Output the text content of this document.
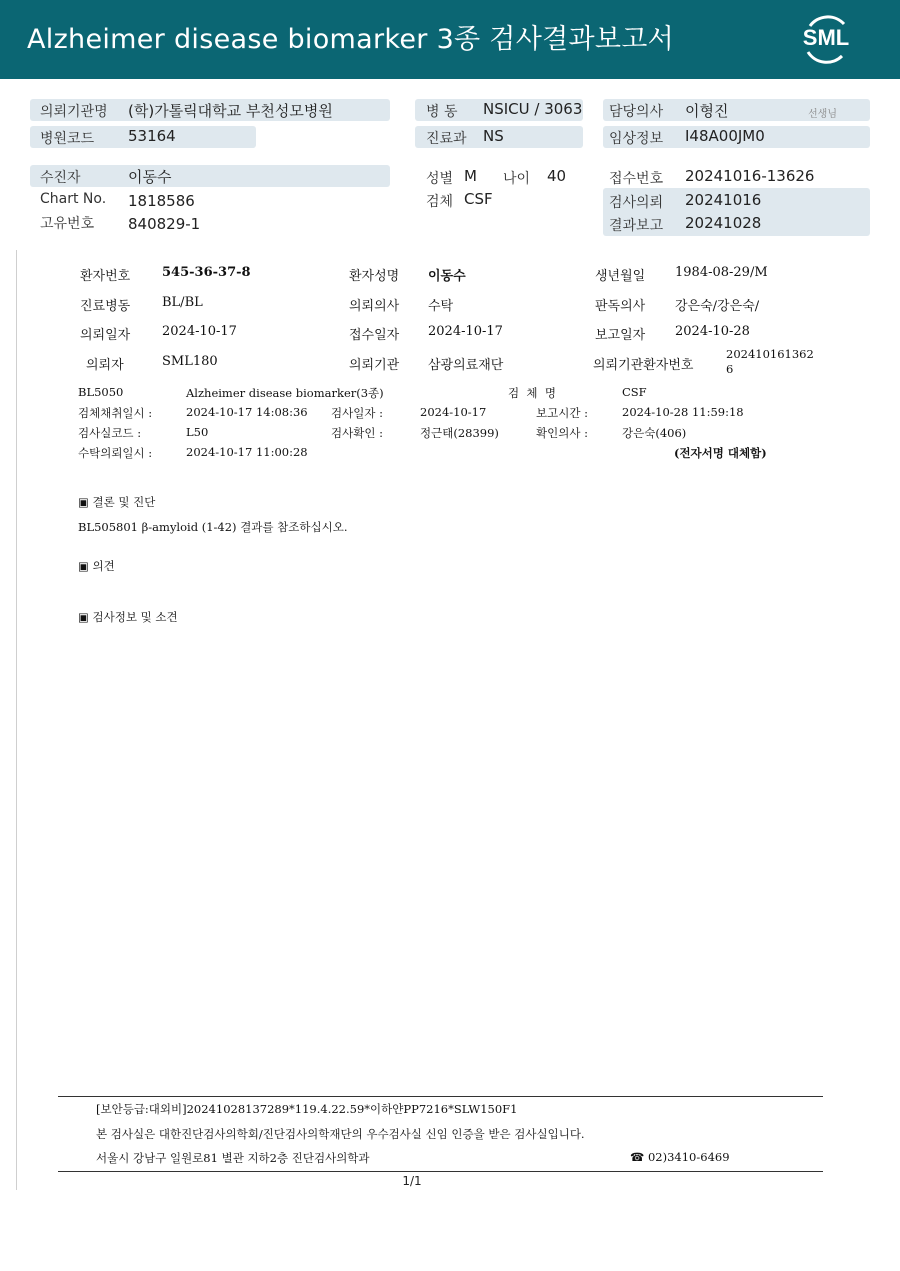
Alzheimer disease biomarker 3종 검사결과보고서	SML
의뢰기관명 (학)가톨릭대학교 부천성모병원	병 동 NSICU / 3063 담당의사 이형진	선생님
병원코드 53164	진료과 NS	임상정보 I48A00JM0
수진자	이동수	성별 M 나이 40	접수번호 20241016-13626
Chart No. 1818586	검체 CSF	검사의뢰 20241016
고유번호 840829-1	결과보고 20241028
환자번호 545-36-37-8	환자성명 이동수	생년월일 1984-08-29/M
진료병동 BL/BL	의뢰의사 수탁	판독의사 강은숙/강은숙/
의뢰일자 2024-10-17	접수일자 2024-10-17	보고일자 2024-10-28
의뢰자	SML180	의뢰기관 삼광의료재단	의뢰기관환자번호
202410161362
6
BL5050	Alzheimer disease biomarker(3종)	검  체  명	CSF
검체채취일시 :	2024-10-17 14:08:36 검사일자 :	2024-10-17	보고시간 :	2024-10-28 11:59:18
검사실코드 :	L50	검사확인 :	정근태(28399)	확인의사 :	강은숙(406)
수탁의뢰일시 :	2024-10-17 11:00:28	(전자서명 대체함)
▣ 결론 및 진단
BL505801 β-amyloid (1-42) 결과를 참조하십시오.
▣ 의견
▣ 검사정보 및 소견
[보안등급:대외비]20241028137289*119.4.22.59*이하얀PP7216*SLW150F1
본 검사실은 대한진단검사의학회/진단검사의학재단의 우수검사실 신임 인증을 받은 검사실입니다.
서울시 강남구 일원로81 별관 지하2층 진단검사의학과	☎ 02)3410-6469
1/1
